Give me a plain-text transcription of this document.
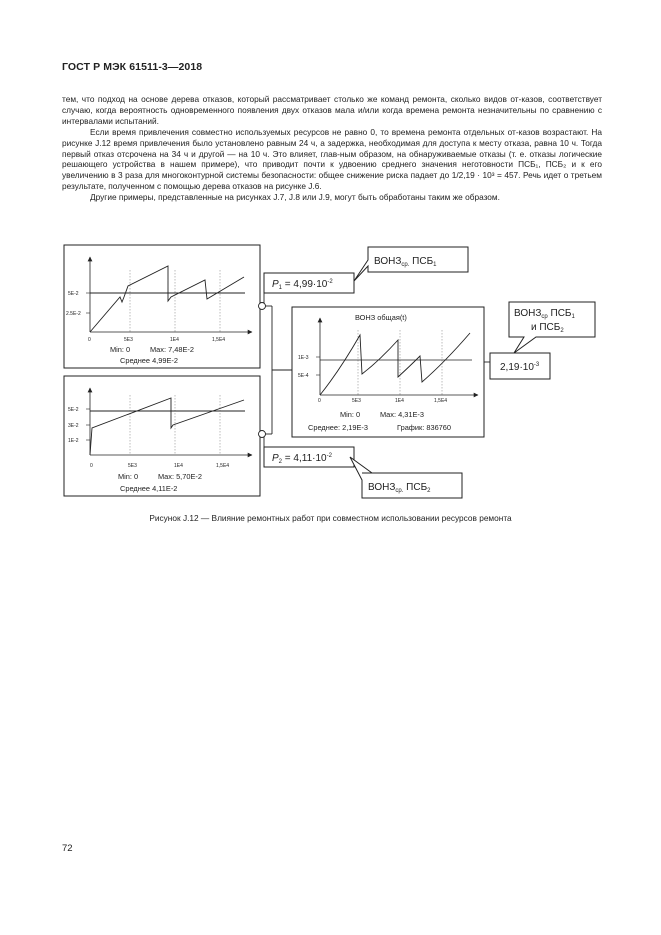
ГОСТ Р МЭК 61511-3—2018

тем, что подход на основе дерева отказов, который рассматривает столько же команд ремонта, сколько видов от-казов, соответствует случаю, когда вероятность одновременного появления двух отказов мала и/или когда времена ремонта незначительны по сравнению с интервалами испытаний.

Если время привлечения совместно используемых ресурсов не равно 0, то времена ремонта отдельных от-казов возрастают. На рисунке J.12 время привлечения было установлено равным 24 ч, а задержка, необходимая для доступа к месту отказа, равна 10 ч. Тогда первый отказ отсрочена на 34 ч и другой — на 10 ч. Это влияет, глав-ным образом, на обнаруживаемые отказы (т. е. отказы логические решающего устройства в нашем примере), что приводит почти к удвоению среднего значения неготовности ПСБ₁, ПСБ₂ и к его увеличению в 3 раза для многоконтурной системы безопасности: общее снижение риска падает до 1/2,19 · 10³ = 457. Речь идет о третьем результате, полученном с помощью дерева отказов на рисунке J.6.

Другие примеры, представленные на рисунках J.7, J.8 или J.9, могут быть обработаны таким же образом.

5E-2
2.5E-2
0	5E3	1E4	1,5E4
Min: 0	Max: 7,48E-2
Среднее 4,99E-2
5E-2
3E-2
1E-2
0	5E3	1E4	1,5E4
Min: 0	Max: 5,70E-2
Среднее 4,11E-2
1E-3
5E-4
0	5E3	1E4	1,5E4
ВОНЗ общая(t)
Min: 0	Max: 4,31E-3
Среднее: 2,19E-3	График: 836760
$P_1 = 4,99\cdot 10^{-2}$
$P_2 = 4,11\cdot 10^{-2}$
$2,19\cdot 10^{-3}$
$ВОНЗ_{ср.}$ $ПСБ_1$
$ВОНЗ_{ср.}$ $ПСБ_2$
$ВОНЗ_{ср}$ $ПСБ_1$
и $ПСБ_2$
Рисунок J.12 — Влияние ремонтных работ при совместном использовании ресурсов ремонта
72
